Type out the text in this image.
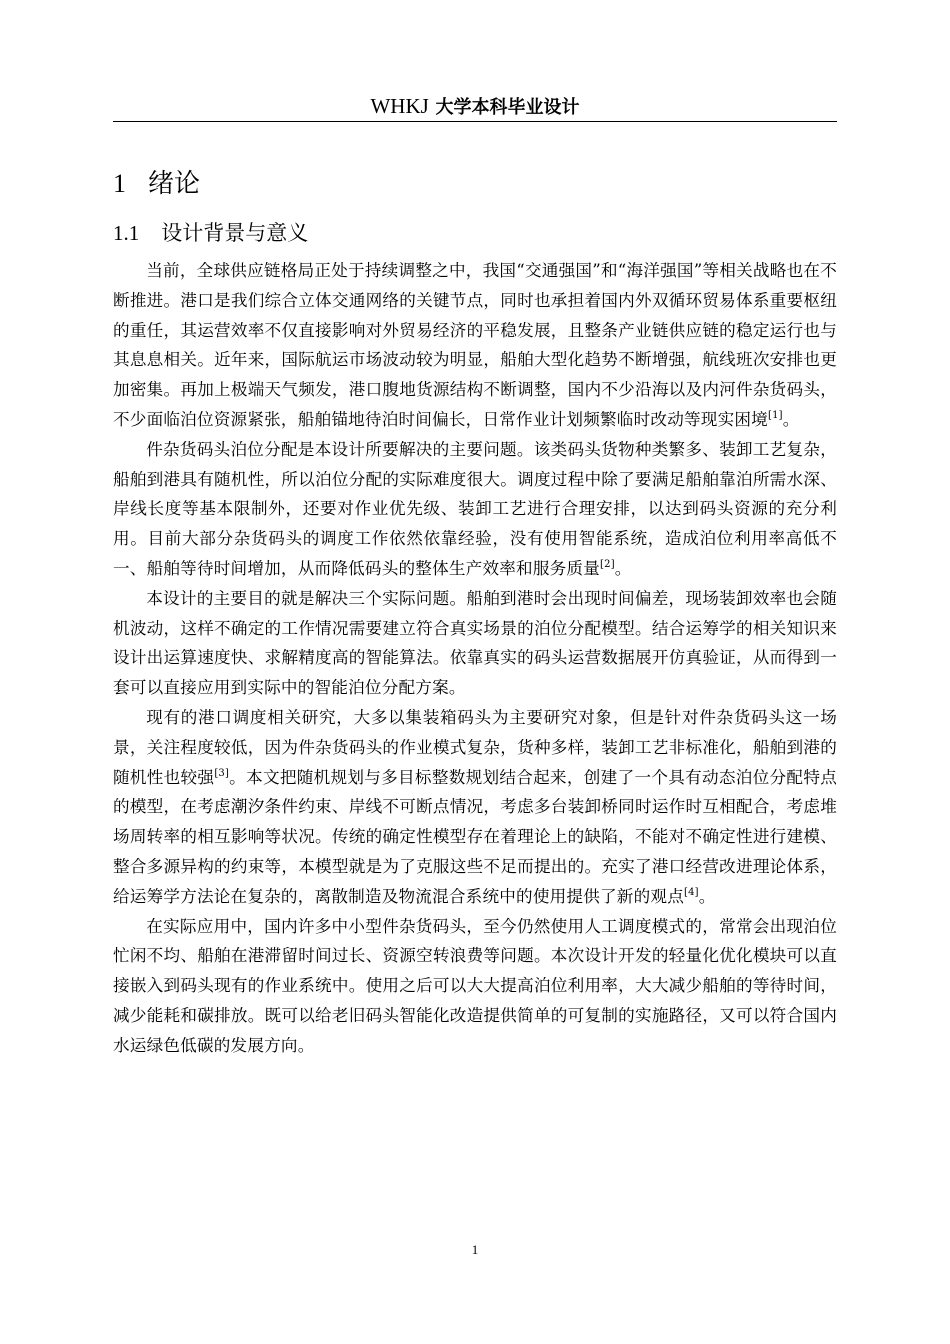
WHKJ 大学本科毕业设计
1 绪论
1.1 设计背景与意义

当前，全球供应链格局正处于持续调整之中，我国“交通强国”和“海洋强国”等相关战略也在不断推进。港口是我们综合立体交通网络的关键节点，同时也承担着国内外双循环贸易体系重要枢纽的重任，其运营效率不仅直接影响对外贸易经济的平稳发展，且整条产业链供应链的稳定运行也与其息息相关。近年来，国际航运市场波动较为明显，船舶大型化趋势不断增强，航线班次安排也更加密集。再加上极端天气频发，港口腹地货源结构不断调整，国内不少沿海以及内河件杂货码头，不少面临泊位资源紧张，船舶锚地待泊时间偏长，日常作业计划频繁临时改动等现实困境[1]。

件杂货码头泊位分配是本设计所要解决的主要问题。该类码头货物种类繁多、装卸工艺复杂，船舶到港具有随机性，所以泊位分配的实际难度很大。调度过程中除了要满足船舶靠泊所需水深、岸线长度等基本限制外，还要对作业优先级、装卸工艺进行合理安排，以达到码头资源的充分利用。目前大部分杂货码头的调度工作依然依靠经验，没有使用智能系统，造成泊位利用率高低不一、船舶等待时间增加，从而降低码头的整体生产效率和服务质量[2]。

本设计的主要目的就是解决三个实际问题。船舶到港时会出现时间偏差，现场装卸效率也会随机波动，这样不确定的工作情况需要建立符合真实场景的泊位分配模型。结合运筹学的相关知识来设计出运算速度快、求解精度高的智能算法。依靠真实的码头运营数据展开仿真验证，从而得到一套可以直接应用到实际中的智能泊位分配方案。

现有的港口调度相关研究，大多以集装箱码头为主要研究对象，但是针对件杂货码头这一场景，关注程度较低，因为件杂货码头的作业模式复杂，货种多样，装卸工艺非标准化，船舶到港的随机性也较强[3]。本文把随机规划与多目标整数规划结合起来，创建了一个具有动态泊位分配特点的模型，在考虑潮汐条件约束、岸线不可断点情况，考虑多台装卸桥同时运作时互相配合，考虑堆场周转率的相互影响等状况。传统的确定性模型存在着理论上的缺陷，不能对不确定性进行建模、整合多源异构的约束等，本模型就是为了克服这些不足而提出的。充实了港口经营改进理论体系，给运筹学方法论在复杂的，离散制造及物流混合系统中的使用提供了新的观点[4]。

在实际应用中，国内许多中小型件杂货码头，至今仍然使用人工调度模式的，常常会出现泊位忙闲不均、船舶在港滞留时间过长、资源空转浪费等问题。本次设计开发的轻量化优化模块可以直接嵌入到码头现有的作业系统中。使用之后可以大大提高泊位利用率，大大减少船舶的等待时间，减少能耗和碳排放。既可以给老旧码头智能化改造提供简单的可复制的实施路径，又可以符合国内水运绿色低碳的发展方向。

1
